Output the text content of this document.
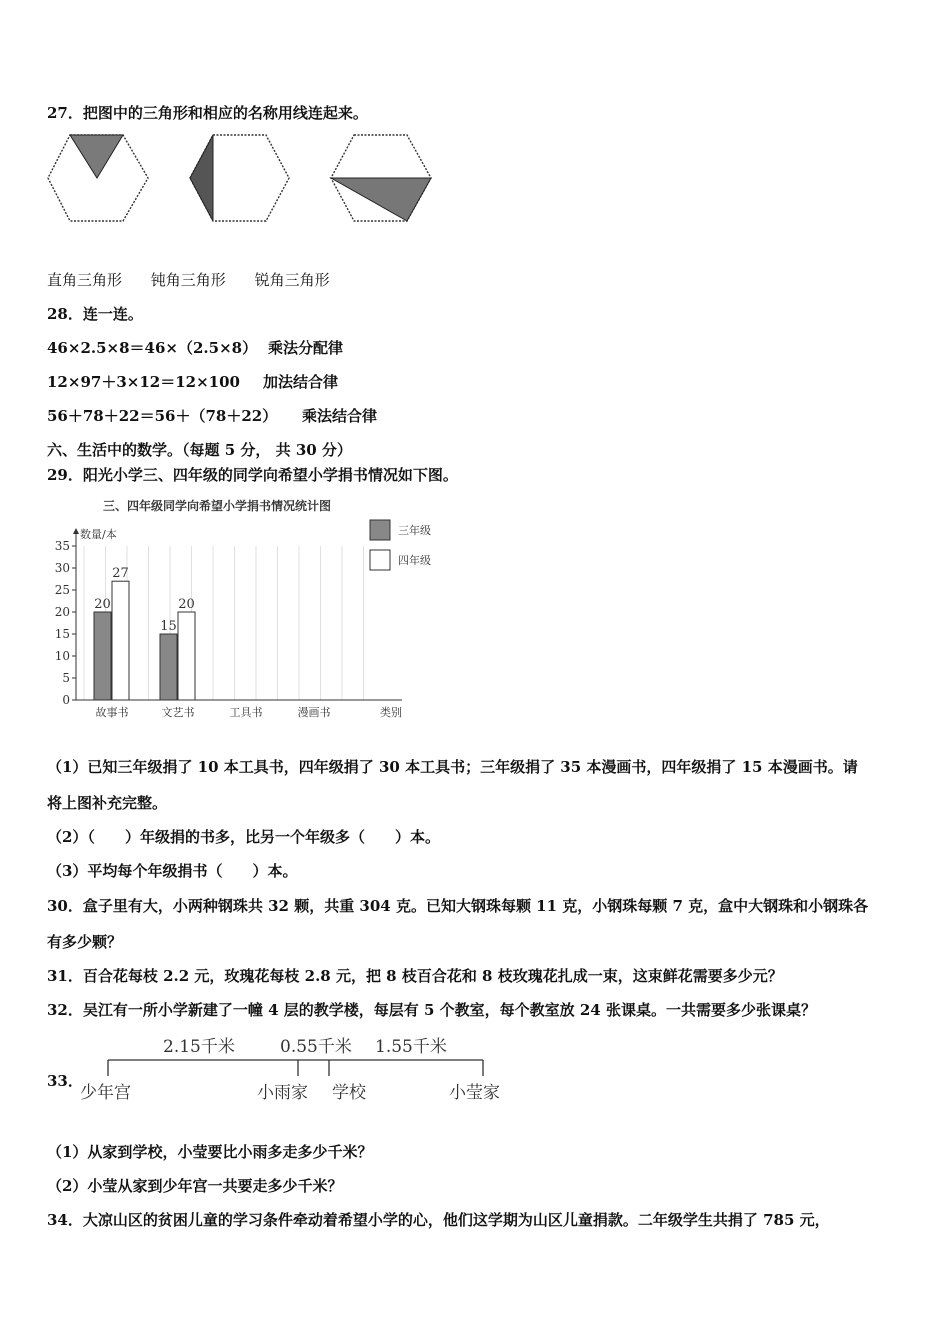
27．把图中的三角形和相应的名称用线连起来。
直角三角形 钝角三角形 锐角三角形
28．连一连。
46×2.5×8＝46×（2.5×8） 乘法分配律
12×97＋3×12＝12×100 加法结合律
56＋78＋22＝56＋（78＋22） 乘法结合律
六、生活中的数学。（每题 5 分， 共 30 分）
29．阳光小学三、四年级的同学向希望小学捐书情况如下图。
三、四年级同学向希望小学捐书情况统计图
数量/本
类别
三年级
四年级
0
5
10
15
20
25
30
35
故事书	文艺书	工具书	漫画书
20
27
15
20
（1）已知三年级捐了 10 本工具书，四年级捐了 30 本工具书；三年级捐了 35 本漫画书，四年级捐了 15 本漫画书。请
将上图补充完整。
（2）（　　）年级捐的书多，比另一个年级多（　　）本。
（3）平均每个年级捐书（　　）本。
30．盒子里有大，小两种钢珠共 32 颗，共重 304 克。已知大钢珠每颗 11 克，小钢珠每颗 7 克，盒中大钢珠和小钢珠各
有多少颗？
31．百合花每枝 2.2 元，玫瑰花每枝 2.8 元，把 8 枝百合花和 8 枝玫瑰花扎成一束，这束鲜花需要多少元？
32．吴江有一所小学新建了一幢 4 层的教学楼，每层有 5 个教室，每个教室放 24 张课桌。一共需要多少张课桌？
33．
2.15千米	0.55千米 1.55千米
少年宫	小雨家 学校	小莹家
（1）从家到学校，小莹要比小雨多走多少千米？
（2）小莹从家到少年宫一共要走多少千米？
34．大凉山区的贫困儿童的学习条件牵动着希望小学的心，他们这学期为山区儿童捐款。二年级学生共捐了 785 元，
